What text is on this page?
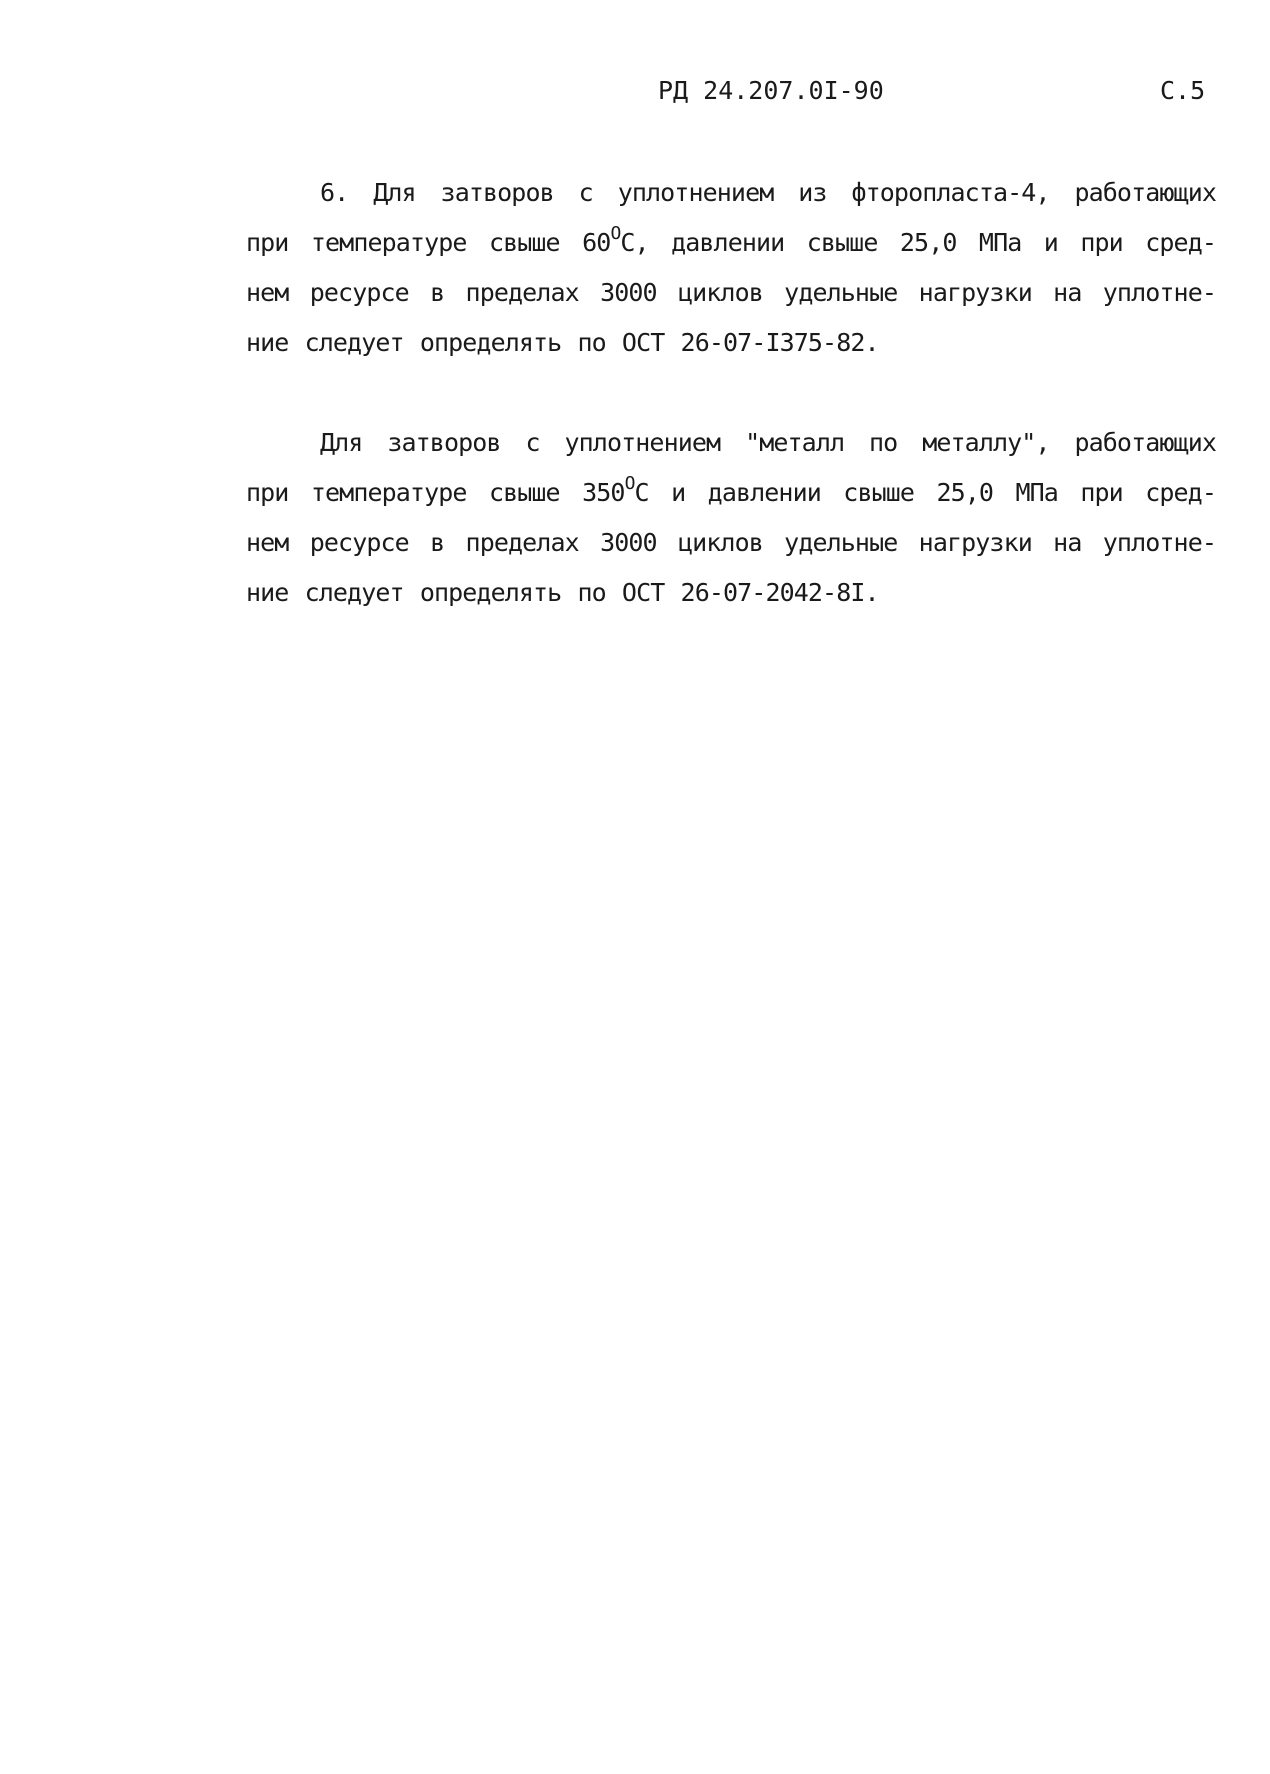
РД 24.207.0I-90	С.5
6. Для затворов с уплотнением из фторопласта-4, работающих
при температуре свыше $60^ОС$, давлении свыше 25,0 МПа и при сред-
нем ресурсе в пределах 3000 циклов удельные нагрузки на уплотне-
ние следует определять по ОСТ 26-07-I375-82.
Для затворов с уплотнением "металл по металлу", работающих
при температуре свыше $350^ОС$ и давлении свыше 25,0 МПа при сред-
нем ресурсе в пределах 3000 циклов удельные нагрузки на уплотне-
ние следует определять по ОСТ 26-07-2042-8I.
